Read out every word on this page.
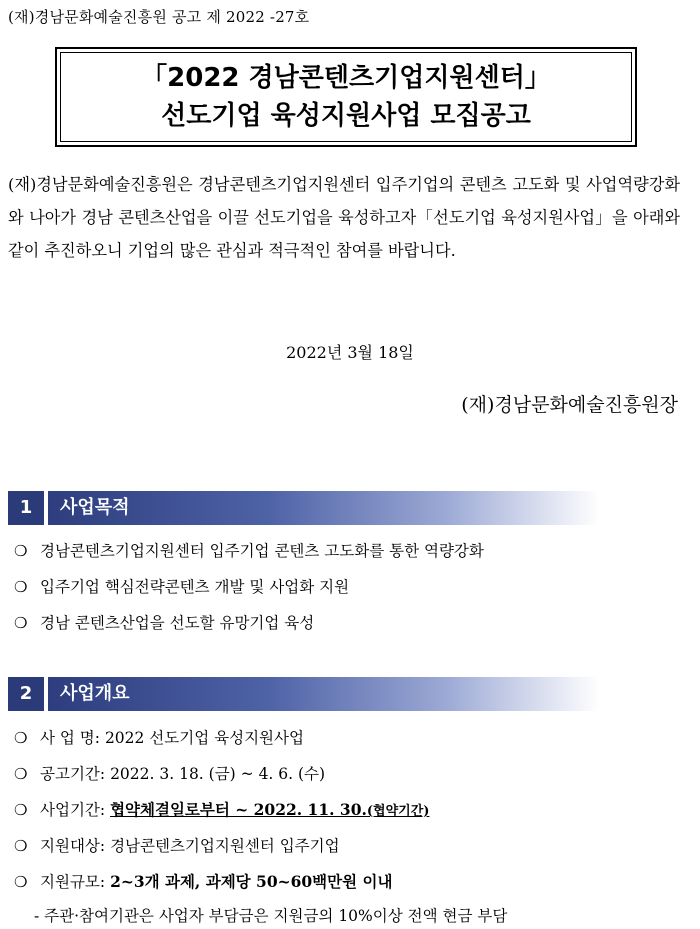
(재)경남문화예술진흥원 공고 제 2022 -27호
「2022 경남콘텐츠기업지원센터」
선도기업 육성지원사업 모집공고
(재)경남문화예술진흥원은 경남콘텐츠기업지원센터 입주기업의 콘텐츠 고도화 및 사업역량강화와 나아가 경남 콘텐츠산업을 이끌 선도기업을 육성하고자「선도기업 육성지원사업」을 아래와 같이 추진하오니 기업의 많은 관심과 적극적인 참여를 바랍니다.
2022년 3월 18일
(재)경남문화예술진흥원장
1	사업목적
❍ 경남콘텐츠기업지원센터 입주기업 콘텐츠 고도화를 통한 역량강화
❍ 입주기업 핵심전략콘텐츠 개발 및 사업화 지원
❍ 경남 콘텐츠산업을 선도할 유망기업 육성
2	사업개요
❍ 사 업 명: 2022 선도기업 육성지원사업
❍ 공고기간: 2022. 3. 18. (금) ~ 4. 6. (수)
❍ 사업기간: 협약체결일로부터 ~ 2022. 11. 30.(협약기간)
❍ 지원대상: 경남콘텐츠기업지원센터 입주기업
❍ 지원규모: 2~3개 과제, 과제당 50~60백만원 이내
- 주관·참여기관은 사업자 부담금은 지원금의 10%이상 전액 현금 부담
